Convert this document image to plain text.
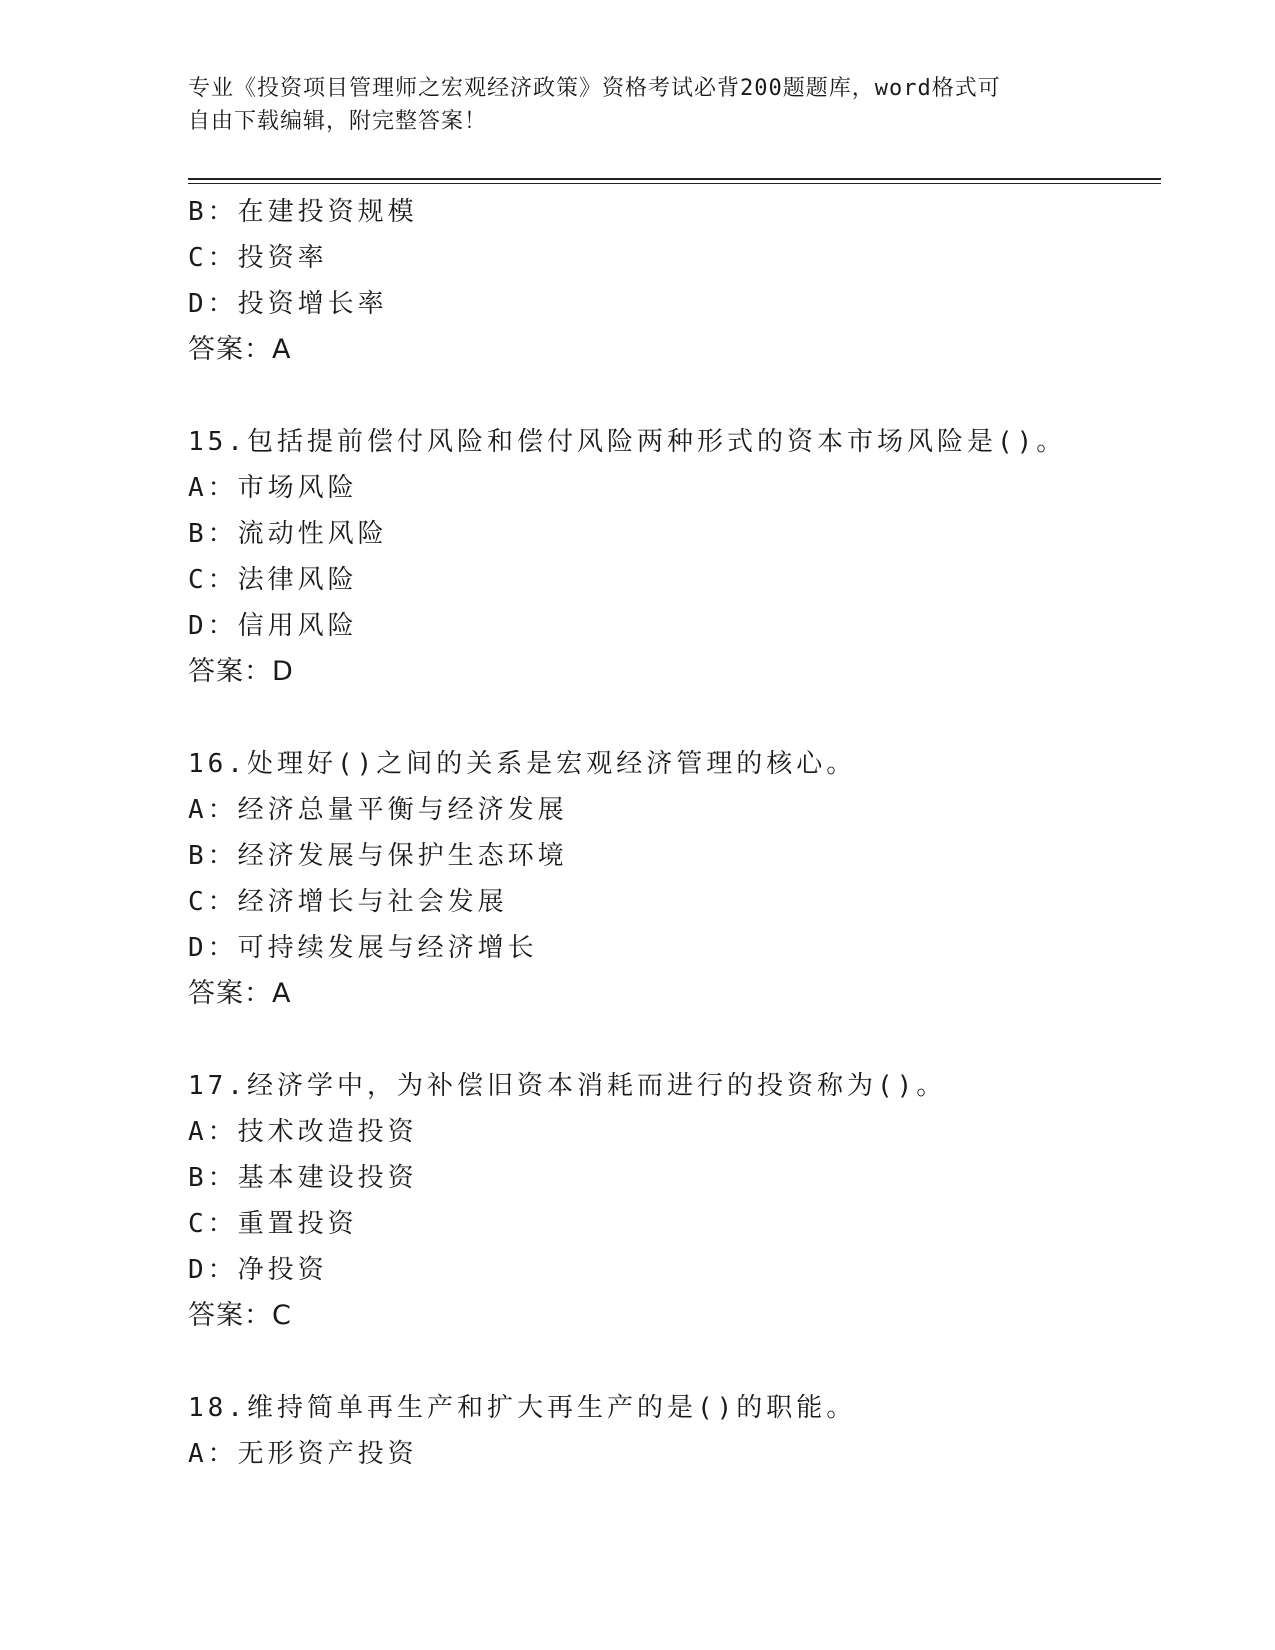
专业《投资项目管理师之宏观经济政策》资格考试必背200题题库，word格式可
自由下载编辑，附完整答案！
B：在建投资规模
C：投资率
D：投资增长率
答案：A
15.包括提前偿付风险和偿付风险两种形式的资本市场风险是()。
A：市场风险
B：流动性风险
C：法律风险
D：信用风险
答案：D
16.处理好()之间的关系是宏观经济管理的核心。
A：经济总量平衡与经济发展
B：经济发展与保护生态环境
C：经济增长与社会发展
D：可持续发展与经济增长
答案：A
17.经济学中，为补偿旧资本消耗而进行的投资称为()。
A：技术改造投资
B：基本建设投资
C：重置投资
D：净投资
答案：C
18.维持简单再生产和扩大再生产的是()的职能。
A：无形资产投资
